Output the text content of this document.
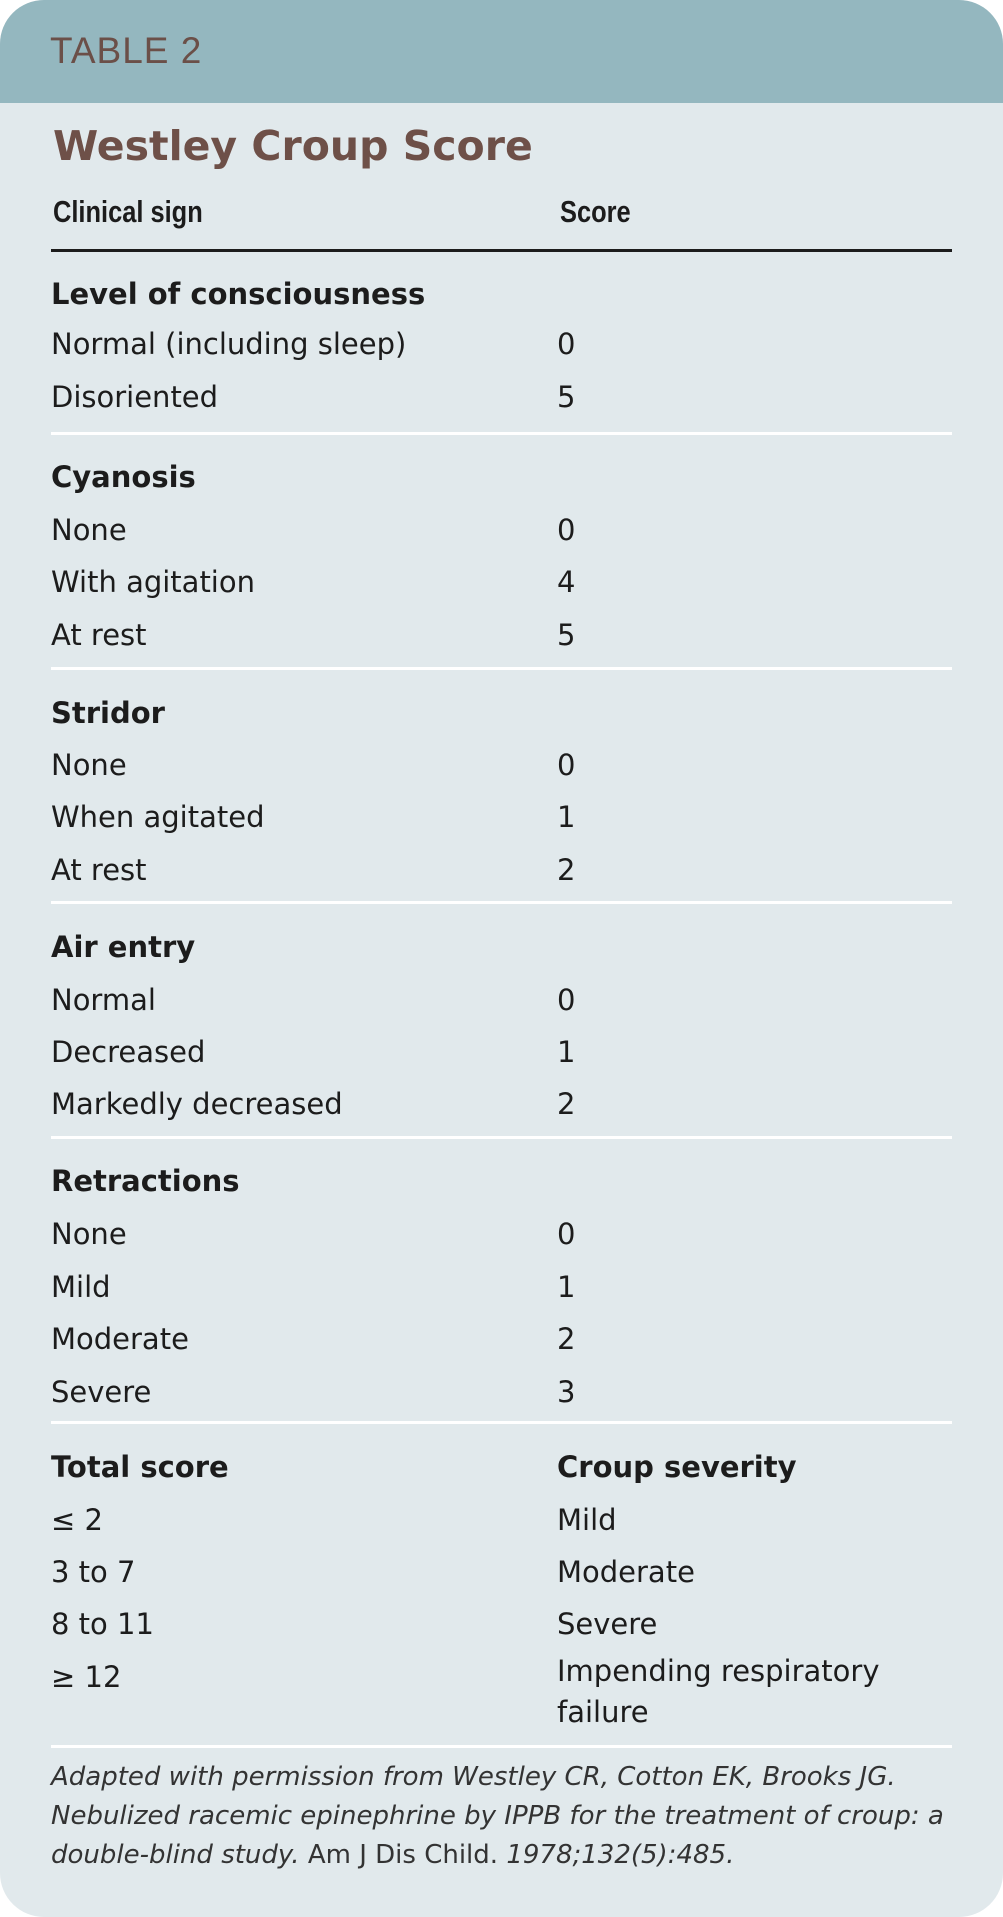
TABLE 2
Westley Croup Score
Clinical sign	Score
Level of consciousness
Normal (including sleep)	0
Disoriented	5
Cyanosis
None	0
With agitation	4
At rest	5
Stridor
None	0
When agitated	1
At rest	2
Air entry
Normal	0
Decreased	1
Markedly decreased	2
Retractions
None	0
Mild	1
Moderate	2
Severe	3
Total score	Croup severity
≤ 2	Mild
3 to 7	Moderate
8 to 11	Severe
≥ 12	Impending respiratory failure
Adapted with permission from Westley CR, Cotton EK, Brooks JG. Nebulized racemic epinephrine by IPPB for the treatment of croup: a double-blind study. Am J Dis Child. 1978;132(5):485.
